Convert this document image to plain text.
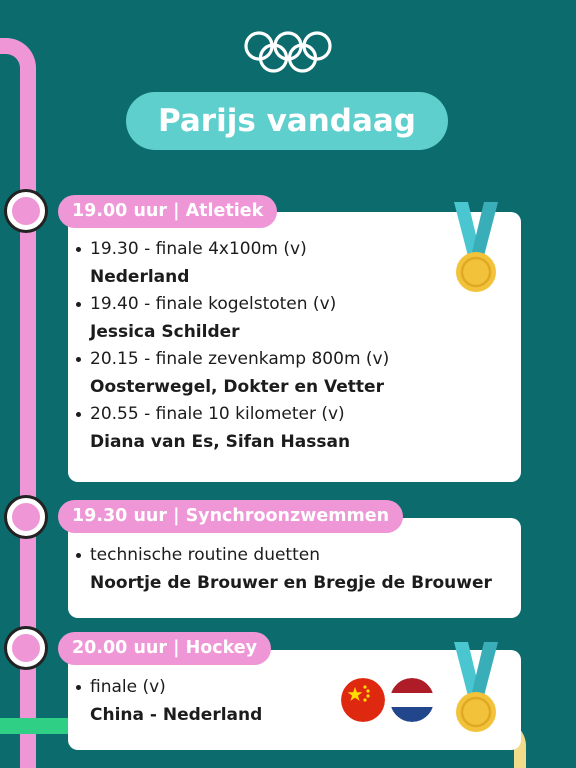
Parijs vandaag
19.30 - finale 4x100m (v)
Nederland
19.40 - finale kogelstoten (v)
Jessica Schilder
20.15 - finale zevenkamp 800m (v)
Oosterwegel, Dokter en Vetter
20.55 - finale 10 kilometer (v)
Diana van Es, Sifan Hassan
19.00 uur | Atletiek
technische routine duetten
Noortje de Brouwer en Bregje de Brouwer
19.30 uur | Synchroonzwemmen
finale (v)
China - Nederland
20.00 uur | Hockey
